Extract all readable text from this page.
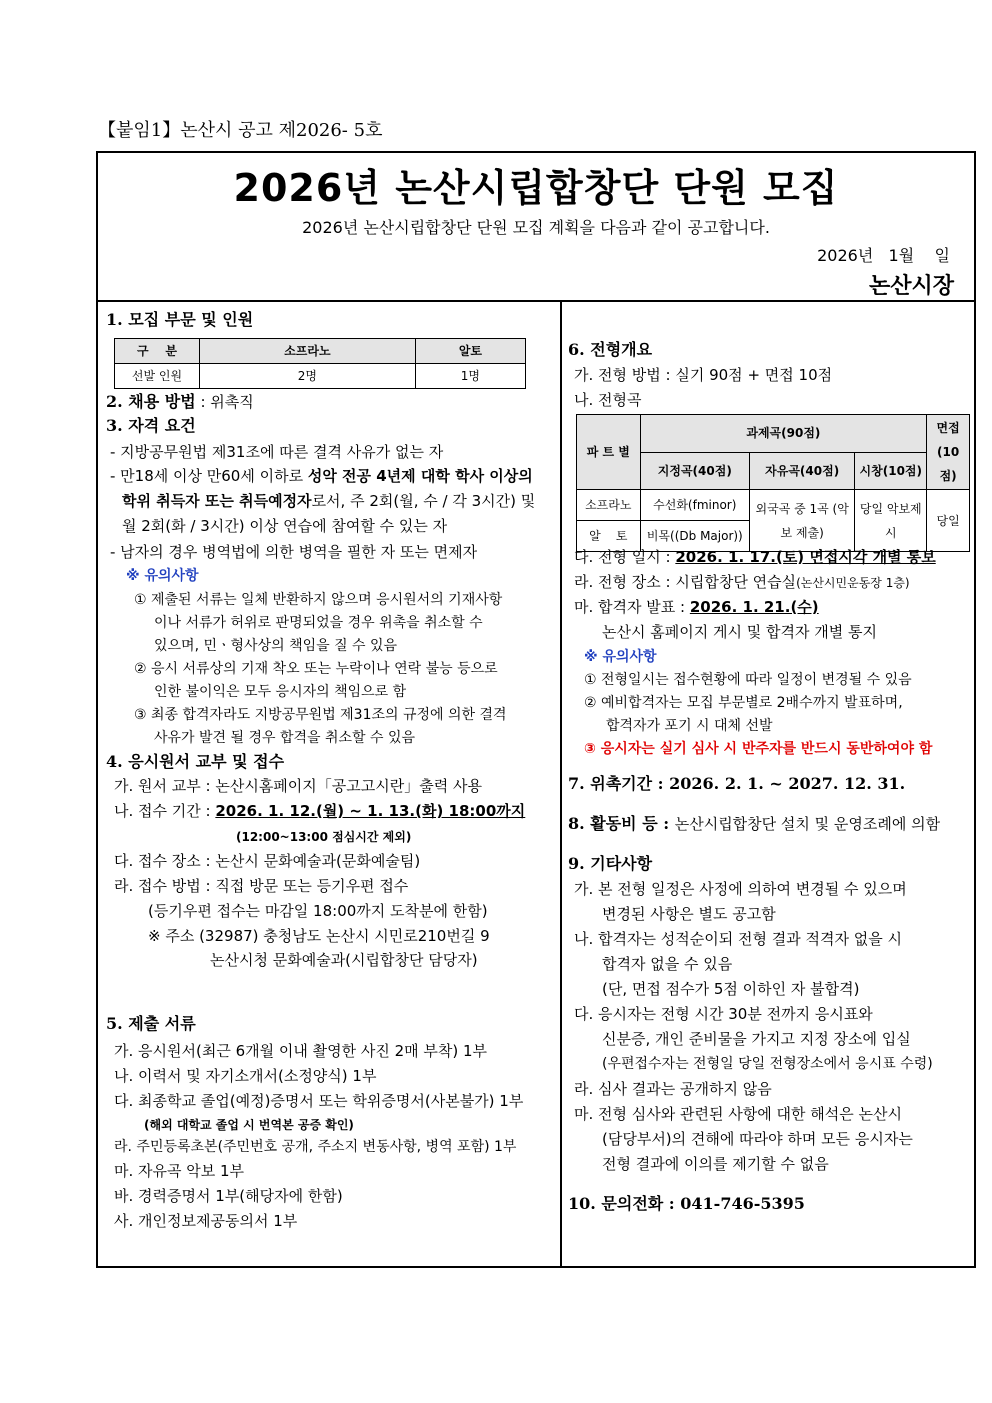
【붙임1】논산시 공고 제2026- 5호
2026년 논산시립합창단 단원 모집
2026년 논산시립합창단 단원 모집 계획을 다음과 같이 공고합니다.
2026년   1월    일
논산시장
1. 모집 부문 및 인원
구    분	소프라노	알토
선발 인원	2명	1명
2. 채용 방법 : 위촉직
3. 자격 요건
- 지방공무원법 제31조에 따른 결격 사유가 없는 자
- 만18세 이상 만60세 이하로 성악 전공 4년제 대학 학사 이상의
학위 취득자 또는 취득예정자로서, 주 2회(월, 수 / 각 3시간) 및
월 2회(화 / 3시간) 이상 연습에 참여할 수 있는 자
- 남자의 경우 병역법에 의한 병역을 필한 자 또는 면제자
※ 유의사항
① 제출된 서류는 일체 반환하지 않으며 응시원서의 기재사항
이나 서류가 허위로 판명되었을 경우 위촉을 취소할 수
있으며, 민ㆍ형사상의 책임을 질 수 있음
② 응시 서류상의 기재 착오 또는 누락이나 연락 불능 등으로
인한 불이익은 모두 응시자의 책임으로 함
③ 최종 합격자라도 지방공무원법 제31조의 규정에 의한 결격
사유가 발견 될 경우 합격을 취소할 수 있음
4. 응시원서 교부 및 접수
가. 원서 교부 : 논산시홈페이지「공고고시란」출력 사용
나. 접수 기간 : 2026. 1. 12.(월) ~ 1. 13.(화) 18:00까지
(12:00~13:00 점심시간 제외)
다. 접수 장소 : 논산시 문화예술과(문화예술팀)
라. 접수 방법 : 직접 방문 또는 등기우편 접수
(등기우편 접수는 마감일 18:00까지 도착분에 한함)
※ 주소 (32987) 충청남도 논산시 시민로210번길 9
논산시청 문화예술과(시립합창단 담당자)
5. 제출 서류
가. 응시원서(최근 6개월 이내 촬영한 사진 2매 부착) 1부
나. 이력서 및 자기소개서(소정양식) 1부
다. 최종학교 졸업(예정)증명서 또는 학위증명서(사본불가) 1부
(해외 대학교 졸업 시 번역본 공증 확인)
라. 주민등록초본(주민번호 공개, 주소지 변동사항, 병역 포함) 1부
마. 자유곡 악보 1부
바. 경력증명서 1부(해당자에 한함)
사. 개인정보제공동의서 1부
6. 전형개요
가. 전형 방법 : 실기 90점 + 면접 10점
나. 전형곡
파 트 별	과제곡(90점)			면접 (10점)
	지정곡(40점)	자유곡(40점)	시창(10점)	
소프라노	수선화(fminor)	외국곡 중 1곡 (악보 제출)	당일 악보제시	당일
알    토	비목((Db Major))			
다. 전형 일시 : 2026. 1. 17.(토) 면접시각 개별 통보
라. 전형 장소 : 시립합창단 연습실(논산시민운동장 1층)
마. 합격자 발표 : 2026. 1. 21.(수)
논산시 홈페이지 게시 및 합격자 개별 통지
※ 유의사항
① 전형일시는 접수현황에 따라 일정이 변경될 수 있음
② 예비합격자는 모집 부문별로 2배수까지 발표하며,
합격자가 포기 시 대체 선발
③ 응시자는 실기 심사 시 반주자를 반드시 동반하여야 함
7. 위촉기간 : 2026. 2. 1. ~ 2027. 12. 31.
8. 활동비 등 : 논산시립합창단 설치 및 운영조례에 의함
9. 기타사항
가. 본 전형 일정은 사정에 의하여 변경될 수 있으며
변경된 사항은 별도 공고함
나. 합격자는 성적순이되 전형 결과 적격자 없을 시
합격자 없을 수 있음
(단, 면접 점수가 5점 이하인 자 불합격)
다. 응시자는 전형 시간 30분 전까지 응시표와
신분증, 개인 준비물을 가지고 지정 장소에 입실
(우편접수자는 전형일 당일 전형장소에서 응시표 수령)
라. 심사 결과는 공개하지 않음
마. 전형 심사와 관련된 사항에 대한 해석은 논산시
(담당부서)의 견해에 따라야 하며 모든 응시자는
전형 결과에 이의를 제기할 수 없음
10. 문의전화 : 041-746-5395
